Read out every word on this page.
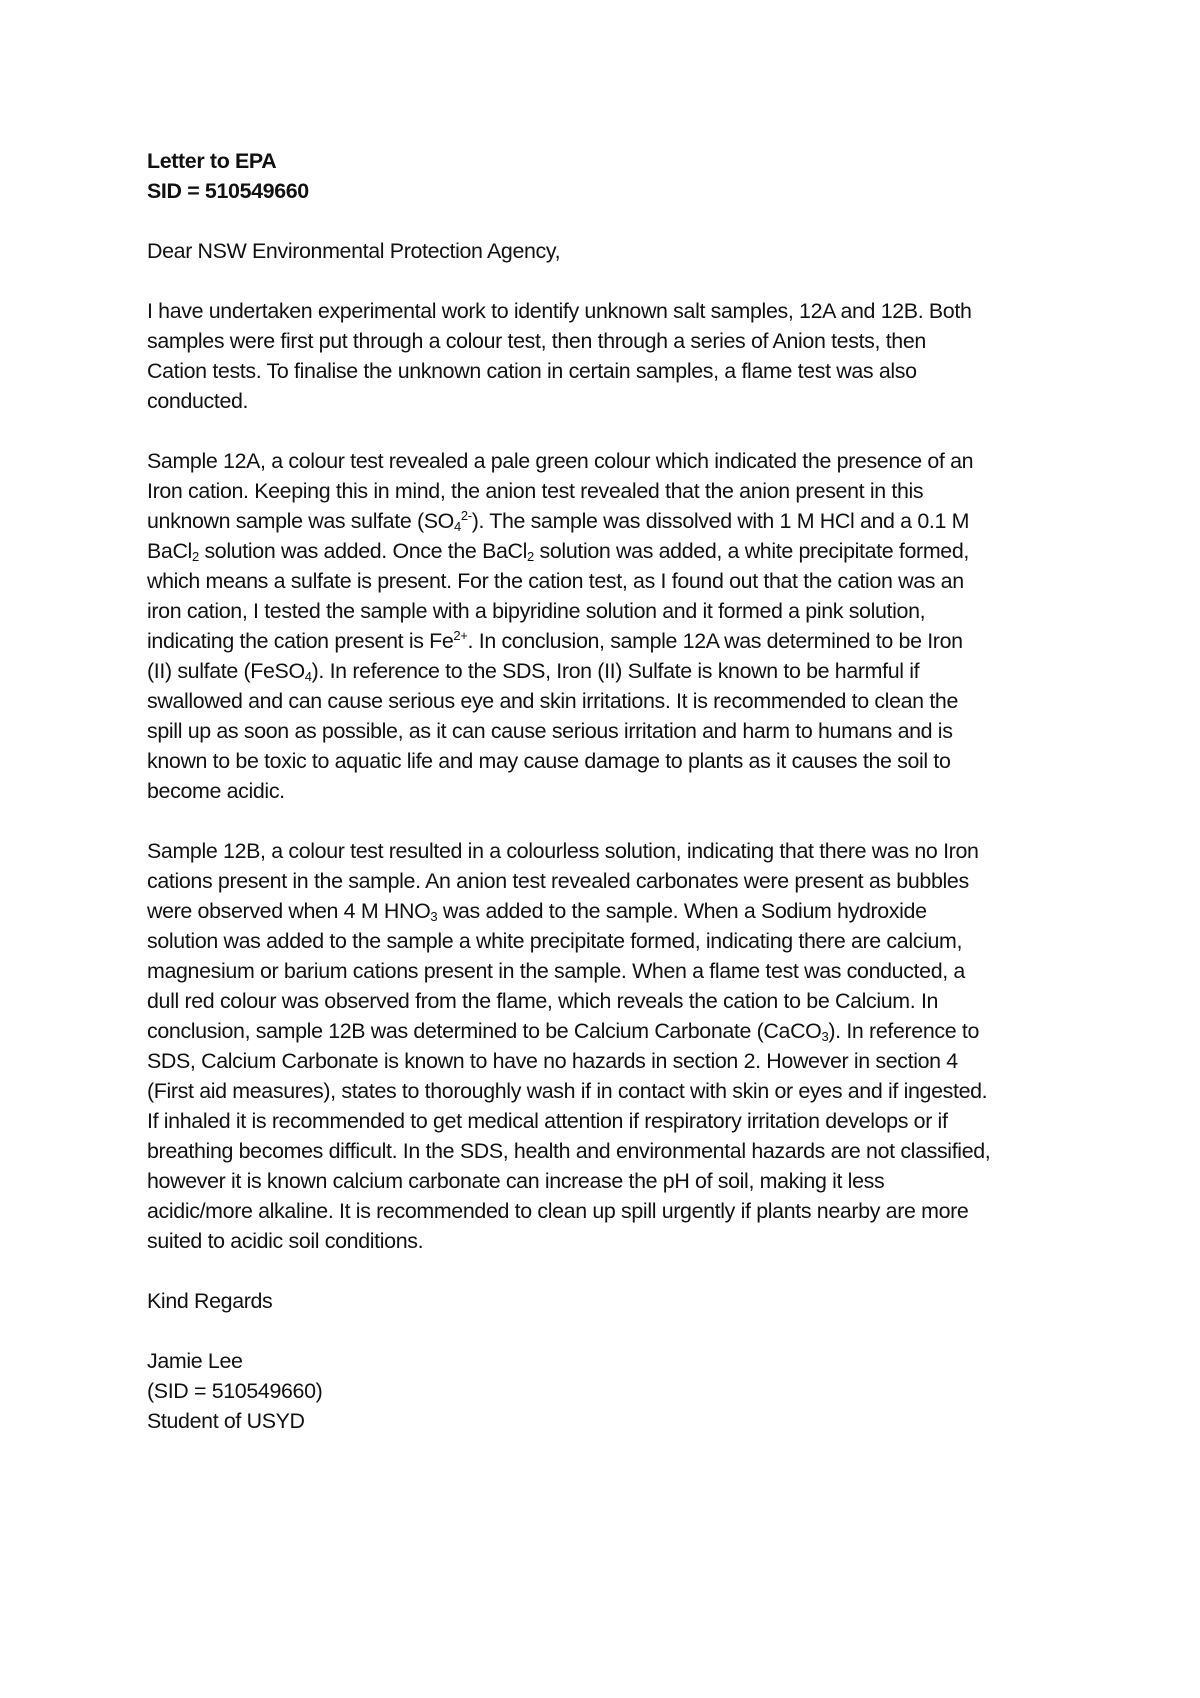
Letter to EPA
SID = 510549660
Dear NSW Environmental Protection Agency,
I have undertaken experimental work to identify unknown salt samples, 12A and 12B. Both
samples were first put through a colour test, then through a series of Anion tests, then
Cation tests. To finalise the unknown cation in certain samples, a flame test was also
conducted.
Sample 12A, a colour test revealed a pale green colour which indicated the presence of an
Iron cation. Keeping this in mind, the anion test revealed that the anion present in this
unknown sample was sulfate $(SO_4^{2-})$. The sample was dissolved with 1 M HCl and a 0.1 M
BaCl$_2$ solution was added. Once the BaCl$_2$ solution was added, a white precipitate formed,
which means a sulfate is present. For the cation test, as I found out that the cation was an
iron cation, I tested the sample with a bipyridine solution and it formed a pink solution,
indicating the cation present is $Fe^{2+}$. In conclusion, sample 12A was determined to be Iron
(II) sulfate (FeSO$_4$). In reference to the SDS, Iron (II) Sulfate is known to be harmful if
swallowed and can cause serious eye and skin irritations. It is recommended to clean the
spill up as soon as possible, as it can cause serious irritation and harm to humans and is
known to be toxic to aquatic life and may cause damage to plants as it causes the soil to
become acidic.
Sample 12B, a colour test resulted in a colourless solution, indicating that there was no Iron
cations present in the sample. An anion test revealed carbonates were present as bubbles
were observed when 4 M $HNO_3$ was added to the sample. When a Sodium hydroxide
solution was added to the sample a white precipitate formed, indicating there are calcium,
magnesium or barium cations present in the sample. When a flame test was conducted, a
dull red colour was observed from the flame, which reveals the cation to be Calcium. In
conclusion, sample 12B was determined to be Calcium Carbonate (CaCO$_3$). In reference to
SDS, Calcium Carbonate is known to have no hazards in section 2. However in section 4
(First aid measures), states to thoroughly wash if in contact with skin or eyes and if ingested.
If inhaled it is recommended to get medical attention if respiratory irritation develops or if
breathing becomes difficult. In the SDS, health and environmental hazards are not classified,
however it is known calcium carbonate can increase the pH of soil, making it less
acidic/more alkaline. It is recommended to clean up spill urgently if plants nearby are more
suited to acidic soil conditions.
Kind Regards
Jamie Lee
(SID = 510549660)
Student of USYD
